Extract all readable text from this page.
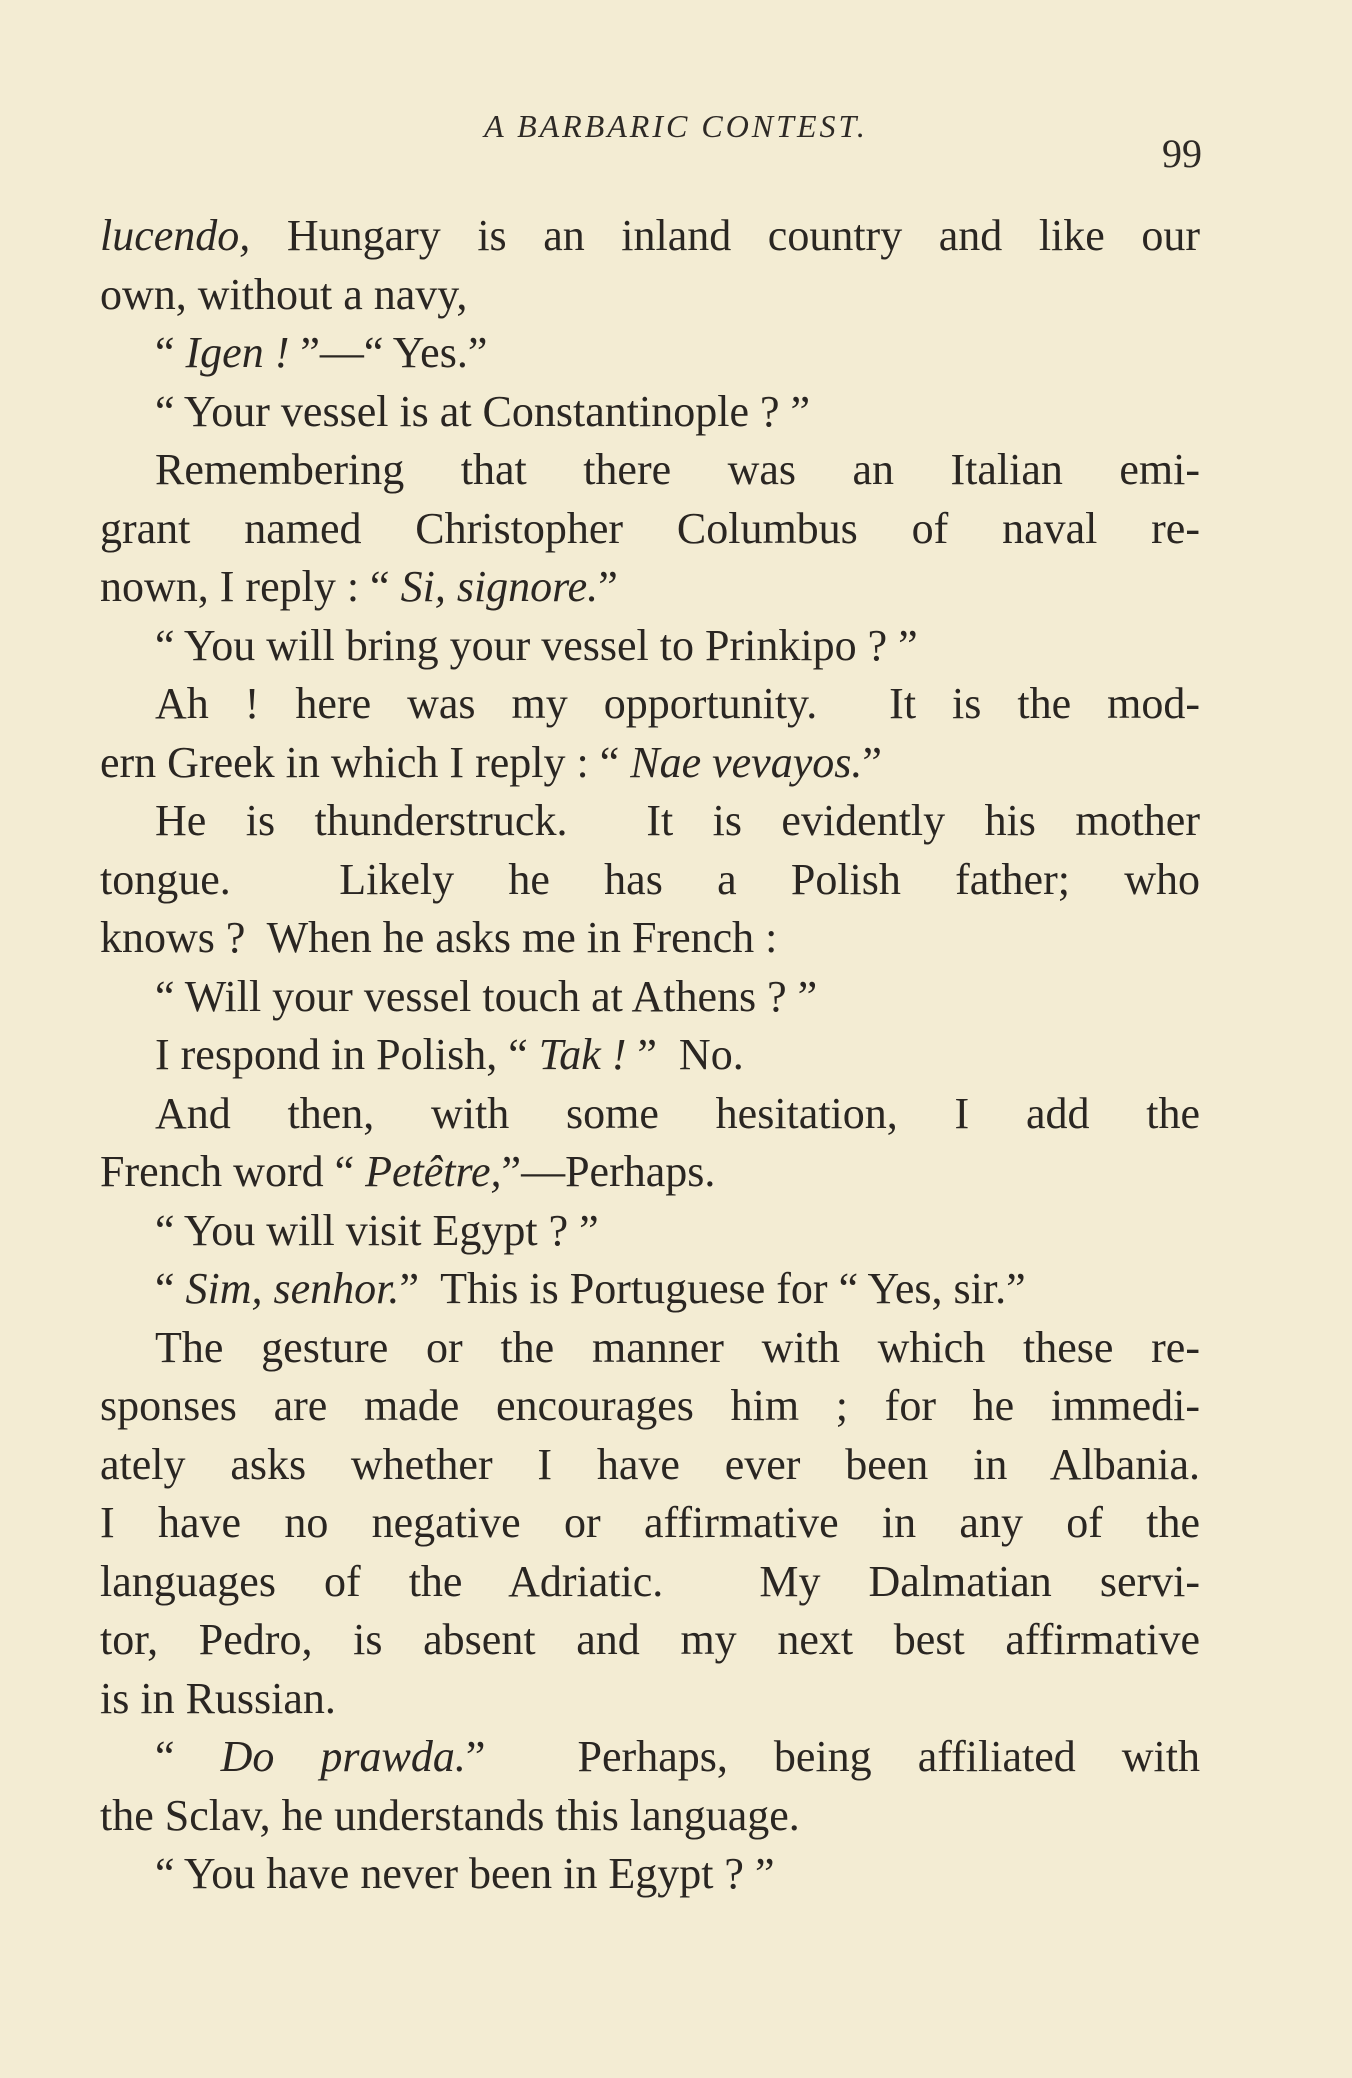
A BARBARIC CONTEST.
99
lucendo, Hungary is an inland country and like our
own, without a navy,
“ Igen ! ”—“ Yes.”
“ Your vessel is at Constantinople ? ”
Remembering that there was an Italian emi-
grant named Christopher Columbus of naval re-
nown, I reply : “ Si, signore.”
“ You will bring your vessel to Prinkipo ? ”
Ah ! here was my opportunity.  It is the mod-
ern Greek in which I reply : “ Nae vevayos.”
He is thunderstruck.  It is evidently his mother
tongue.  Likely he has a Polish father; who
knows ?  When he asks me in French :
“ Will your vessel touch at Athens ? ”
I respond in Polish, “ Tak ! ”  No.
And then, with some hesitation, I add the
French word “ Petêtre,”—Perhaps.
“ You will visit Egypt ? ”
“ Sim, senhor.”  This is Portuguese for “ Yes, sir.”
The gesture or the manner with which these re-
sponses are made encourages him ; for he immedi-
ately asks whether I have ever been in Albania.
I have no negative or affirmative in any of the
languages of the Adriatic.  My Dalmatian servi-
tor, Pedro, is absent and my next best affirmative
is in Russian.
“ Do prawda.”  Perhaps, being affiliated with
the Sclav, he understands this language.
“ You have never been in Egypt ? ”
